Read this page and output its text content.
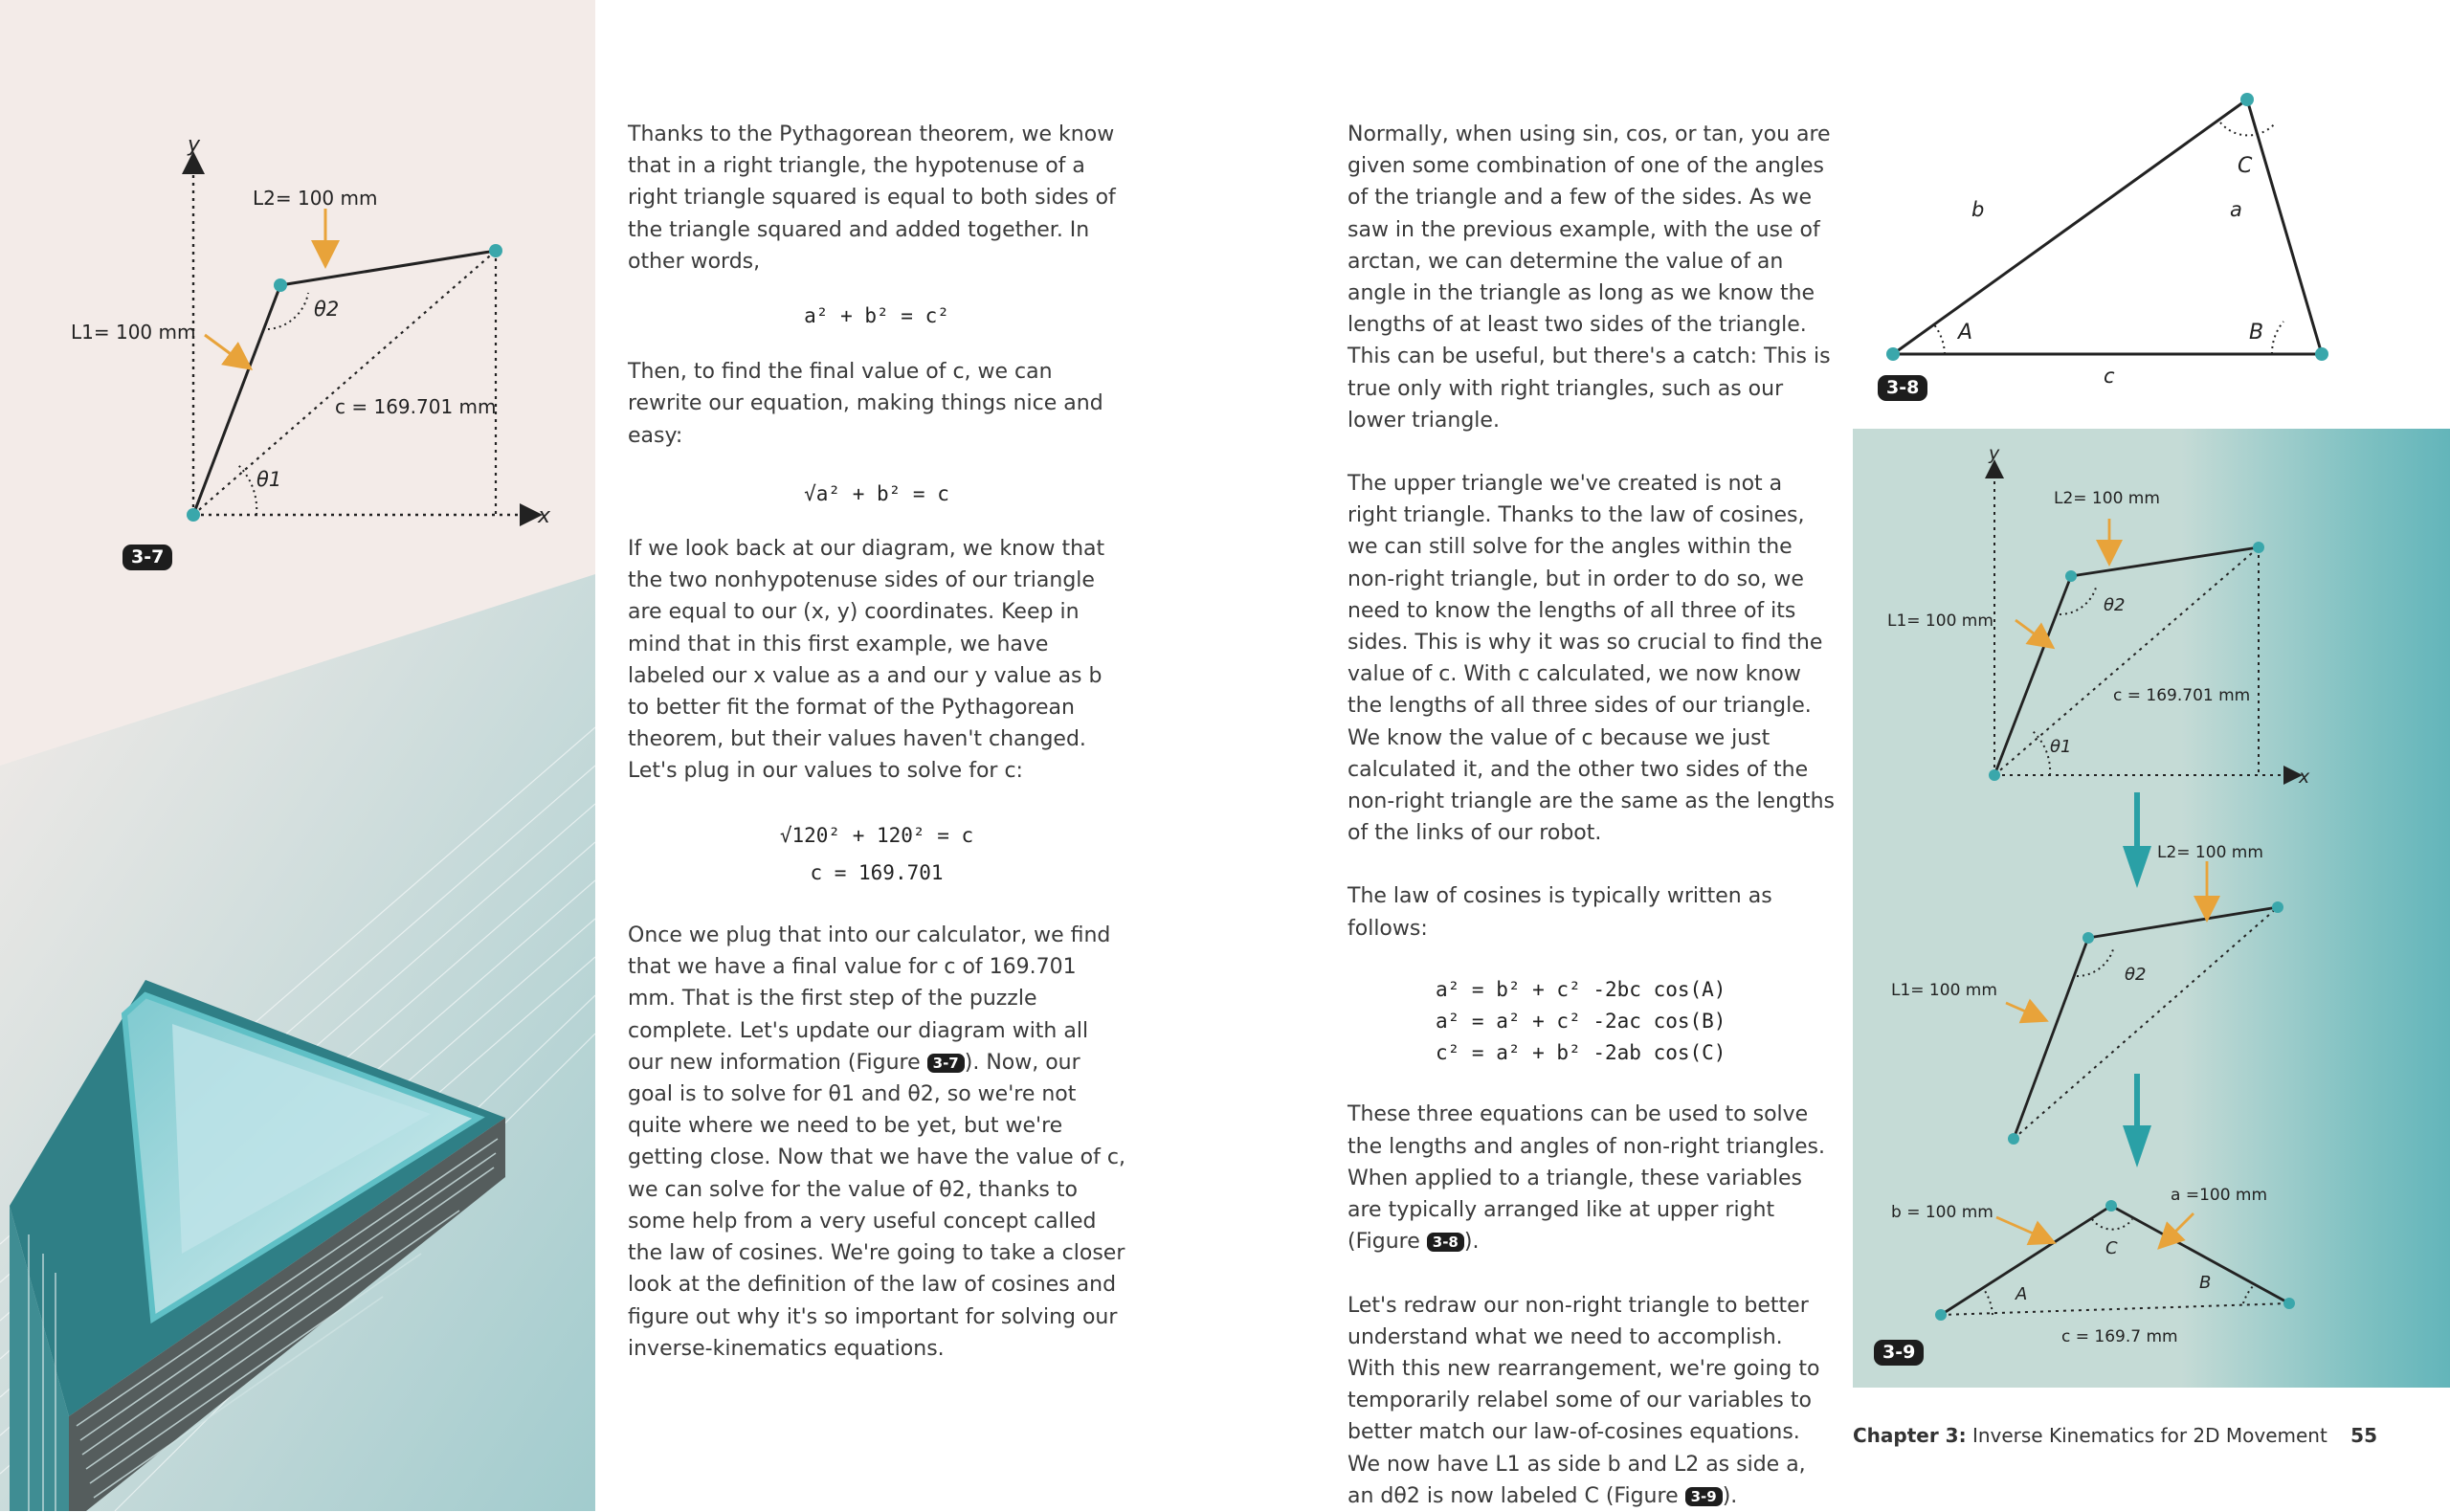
y
x
L2= 100 mm
L1= 100 mm
c = 169.701 mm
θ1
θ2
3-7

Thanks to the Pythagorean theorem, we know that in a right triangle, the hypotenuse of a right triangle squared is equal to both sides of the triangle squared and added together. In other words,

a² + b² = c²

Then, to find the final value of c, we can rewrite our equation, making things nice and easy:

√a² + b² = c

If we look back at our diagram, we know that the two nonhypotenuse sides of our triangle are equal to our (x, y) coordinates. Keep in mind that in this first example, we have labeled our x value as a and our y value as b to better fit the format of the Pythagorean theorem, but their values haven't changed. Let's plug in our values to solve for c:

√120² + 120² = c
c = 169.701

Once we plug that into our calculator, we find that we have a final value for c of 169.701 mm. That is the first step of the puzzle complete. Let's update our diagram with all our new information (Figure 3-7 ). Now, our goal is to solve for θ1 and θ2, so we're not quite where we need to be yet, but we're getting close. Now that we have the value of c, we can solve for the value of θ2, thanks to some help from a very useful concept called the law of cosines. We're going to take a closer look at the definition of the law of cosines and figure out why it's so important for solving our inverse-kinematics equations.

Normally, when using sin, cos, or tan, you are given some combination of one of the angles of the triangle and a few of the sides. As we saw in the previous example, with the use of arctan, we can determine the value of an angle in the triangle as long as we know the lengths of at least two sides of the triangle. This can be useful, but there's a catch: This is true only with right triangles, such as our lower triangle.

The upper triangle we've created is not a right triangle. Thanks to the law of cosines, we can still solve for the angles within the non-right triangle, but in order to do so, we need to know the lengths of all three of its sides. This is why it was so crucial to find the value of c. With c calculated, we now know the lengths of all three sides of our triangle. We know the value of c because we just calculated it, and the other two sides of the non-right triangle are the same as the lengths of the links of our robot.

The law of cosines is typically written as follows:

a² = b² + c² -2bc cos(A)
a² = a² + c² -2ac cos(B)
c² = a² + b² -2ab cos(C)

These three equations can be used to solve the lengths and angles of non-right triangles. When applied to a triangle, these variables are typically arranged like at upper right (Figure 3-8 ).

Let's redraw our non-right triangle to better understand what we need to accomplish. With this new rearrangement, we're going to temporarily relabel some of our variables to better match our law-of-cosines equations. We now have L1 as side b and L2 as side a, an dθ2 is now labeled C (Figure 3-9 ).

C
A	B
b	a
c
3-8
y
x
L2= 100 mm
L1= 100 mm
c = 169.701 mm
θ1
θ2
L2= 100 mm
L1= 100 mm
θ2
b = 100 mm
a =100 mm
c = 169.7 mm
C
A
B
3-9
Chapter 3: Inverse Kinematics for 2D Movement 55
